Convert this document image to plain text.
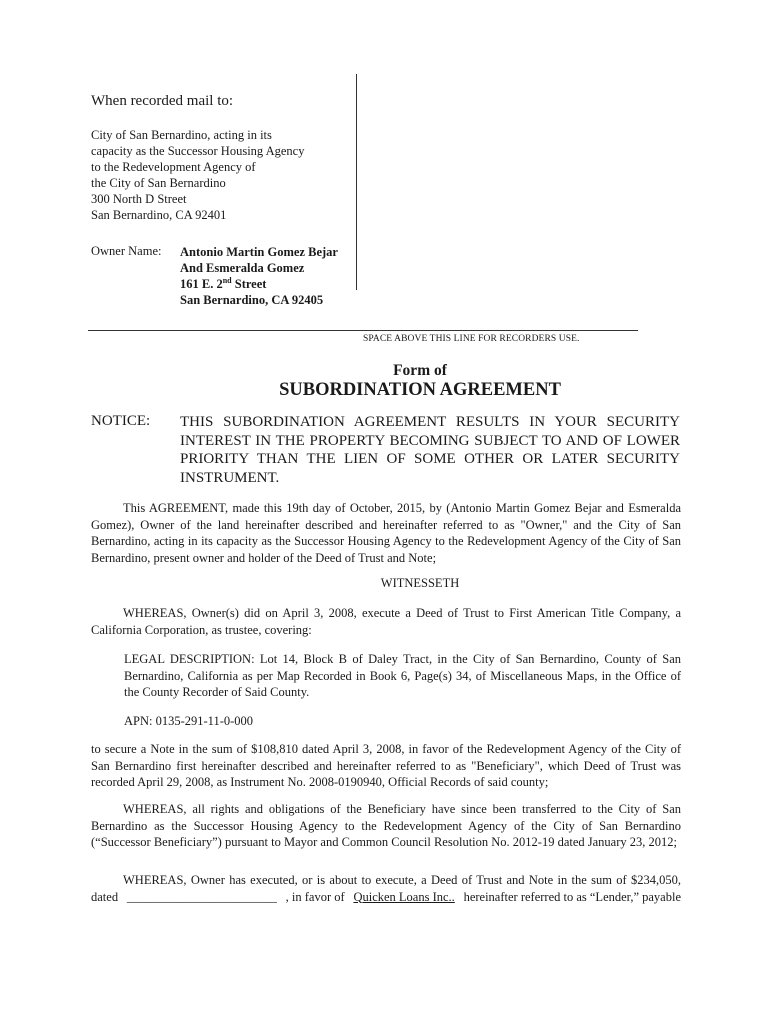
When recorded mail to:
City of San Bernardino, acting in its
capacity as the Successor Housing Agency
to the Redevelopment Agency of
the City of San Bernardino
300 North D Street
San Bernardino, CA 92401
Owner Name: Antonio Martin Gomez Bejar
And Esmeralda Gomez
161 E. 2nd Street
San Bernardino, CA 92405
SPACE ABOVE THIS LINE FOR RECORDERS USE.
Form of
SUBORDINATION AGREEMENT
NOTICE: THIS SUBORDINATION AGREEMENT RESULTS IN YOUR SECURITY INTEREST IN THE PROPERTY BECOMING SUBJECT TO AND OF LOWER PRIORITY THAN THE LIEN OF SOME OTHER OR LATER SECURITY INSTRUMENT.
This AGREEMENT, made this 19th day of October, 2015, by (Antonio Martin Gomez Bejar and Esmeralda Gomez), Owner of the land hereinafter described and hereinafter referred to as "Owner," and the City of San Bernardino, acting in its capacity as the Successor Housing Agency to the Redevelopment Agency of the City of San Bernardino, present owner and holder of the Deed of Trust and Note;
WITNESSETH
WHEREAS, Owner(s) did on April 3, 2008, execute a Deed of Trust to First American Title Company, a California Corporation, as trustee, covering:
LEGAL DESCRIPTION: Lot 14, Block B of Daley Tract, in the City of San Bernardino, County of San Bernardino, California as per Map Recorded in Book 6, Page(s) 34, of Miscellaneous Maps, in the Office of the County Recorder of Said County.
APN: 0135-291-11-0-000
to secure a Note in the sum of $108,810 dated April 3, 2008, in favor of the Redevelopment Agency of the City of San Bernardino first hereinafter described and hereinafter referred to as "Beneficiary", which Deed of Trust was recorded April 29, 2008, as Instrument No. 2008-0190940, Official Records of said county;
WHEREAS, all rights and obligations of the Beneficiary have since been transferred to the City of San Bernardino as the Successor Housing Agency to the Redevelopment Agency of the City of San Bernardino (“Successor Beneficiary”) pursuant to Mayor and Common Council Resolution No. 2012-19 dated January 23, 2012;
WHEREAS, Owner has executed, or is about to execute, a Deed of Trust and Note in the sum of $234,050,
dated ________________________ , in favor of Quicken Loans Inc.. hereinafter referred to as “Lender,” payable
